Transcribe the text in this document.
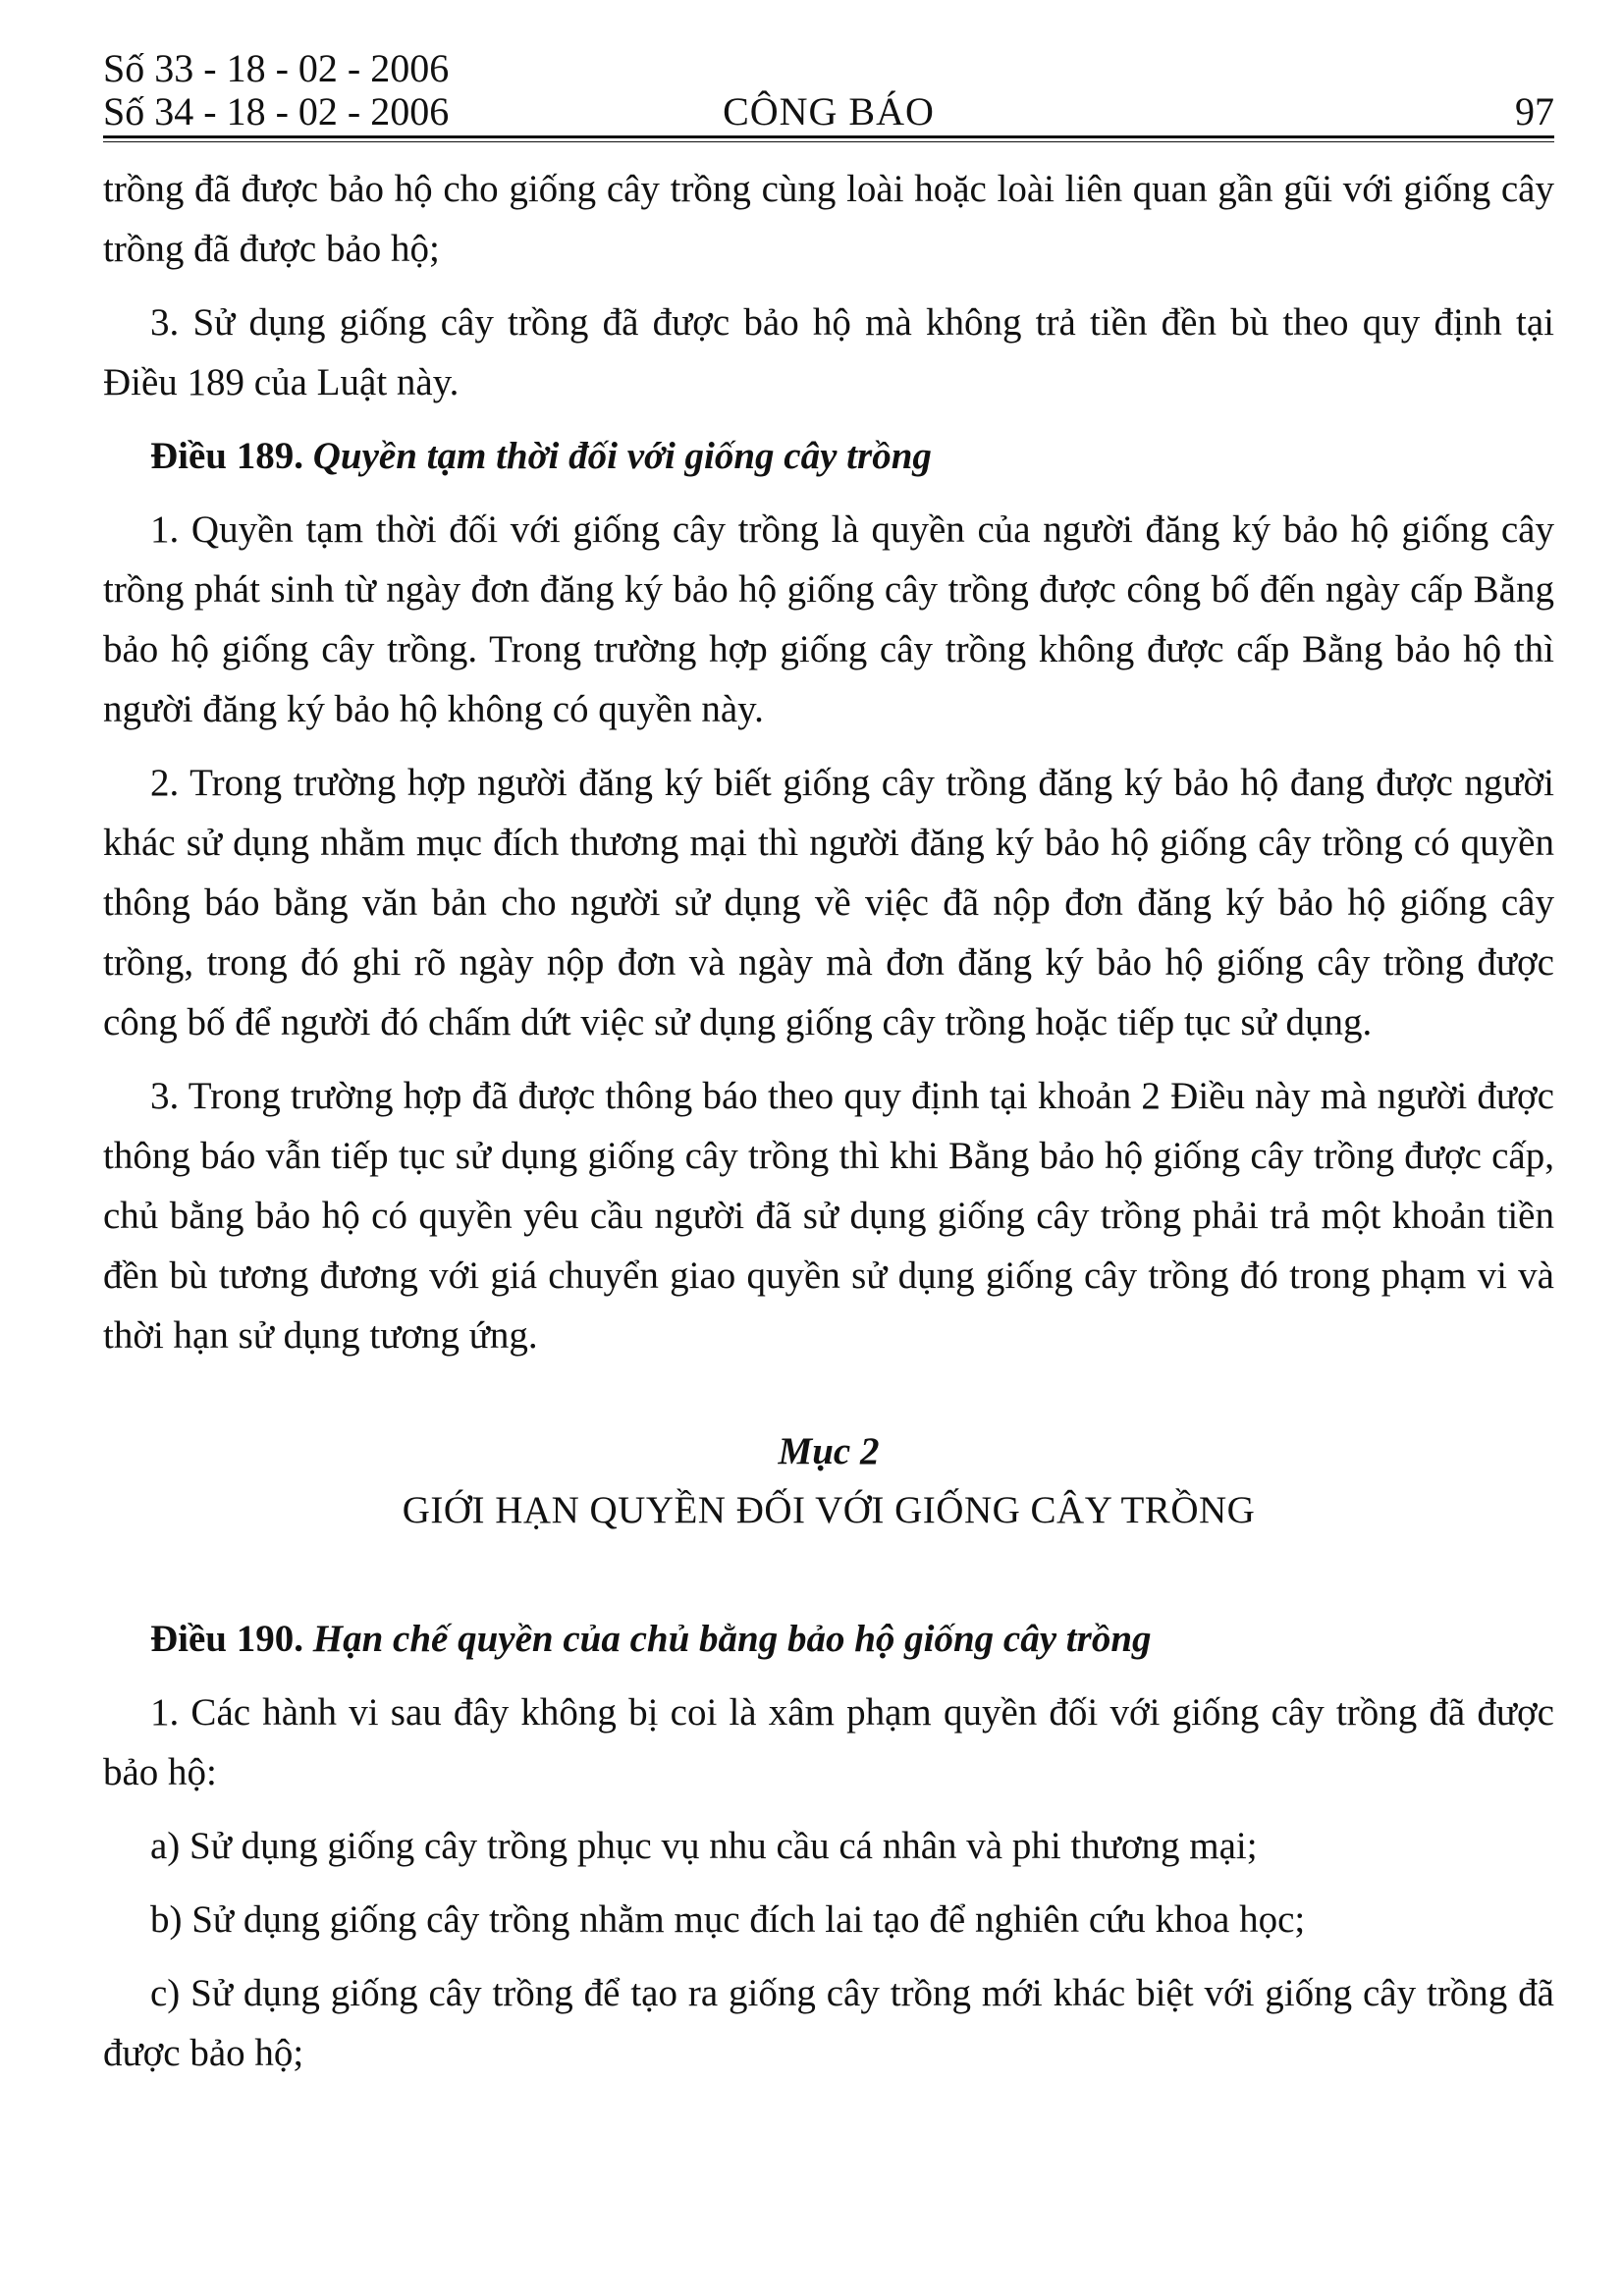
Số 33 - 18 - 02 - 2006
Số 34 - 18 - 02 - 2006	CÔNG BÁO	97

trồng đã được bảo hộ cho giống cây trồng cùng loài hoặc loài liên quan gần gũi với giống cây trồng đã được bảo hộ;

3. Sử dụng giống cây trồng đã được bảo hộ mà không trả tiền đền bù theo quy định tại Điều 189 của Luật này.

Điều 189. Quyền tạm thời đối với giống cây trồng

1. Quyền tạm thời đối với giống cây trồng là quyền của người đăng ký bảo hộ giống cây trồng phát sinh từ ngày đơn đăng ký bảo hộ giống cây trồng được công bố đến ngày cấp Bằng bảo hộ giống cây trồng. Trong trường hợp giống cây trồng không được cấp Bằng bảo hộ thì người đăng ký bảo hộ không có quyền này.

2. Trong trường hợp người đăng ký biết giống cây trồng đăng ký bảo hộ đang được người khác sử dụng nhằm mục đích thương mại thì người đăng ký bảo hộ giống cây trồng có quyền thông báo bằng văn bản cho người sử dụng về việc đã nộp đơn đăng ký bảo hộ giống cây trồng, trong đó ghi rõ ngày nộp đơn và ngày mà đơn đăng ký bảo hộ giống cây trồng được công bố để người đó chấm dứt việc sử dụng giống cây trồng hoặc tiếp tục sử dụng.

3. Trong trường hợp đã được thông báo theo quy định tại khoản 2 Điều này mà người được thông báo vẫn tiếp tục sử dụng giống cây trồng thì khi Bằng bảo hộ giống cây trồng được cấp, chủ bằng bảo hộ có quyền yêu cầu người đã sử dụng giống cây trồng phải trả một khoản tiền đền bù tương đương với giá chuyển giao quyền sử dụng giống cây trồng đó trong phạm vi và thời hạn sử dụng tương ứng.

Mục 2
GIỚI HẠN QUYỀN ĐỐI VỚI GIỐNG CÂY TRỒNG

Điều 190. Hạn chế quyền của chủ bằng bảo hộ giống cây trồng

1. Các hành vi sau đây không bị coi là xâm phạm quyền đối với giống cây trồng đã được bảo hộ:

a) Sử dụng giống cây trồng phục vụ nhu cầu cá nhân và phi thương mại;

b) Sử dụng giống cây trồng nhằm mục đích lai tạo để nghiên cứu khoa học;

c) Sử dụng giống cây trồng để tạo ra giống cây trồng mới khác biệt với giống cây trồng đã được bảo hộ;
